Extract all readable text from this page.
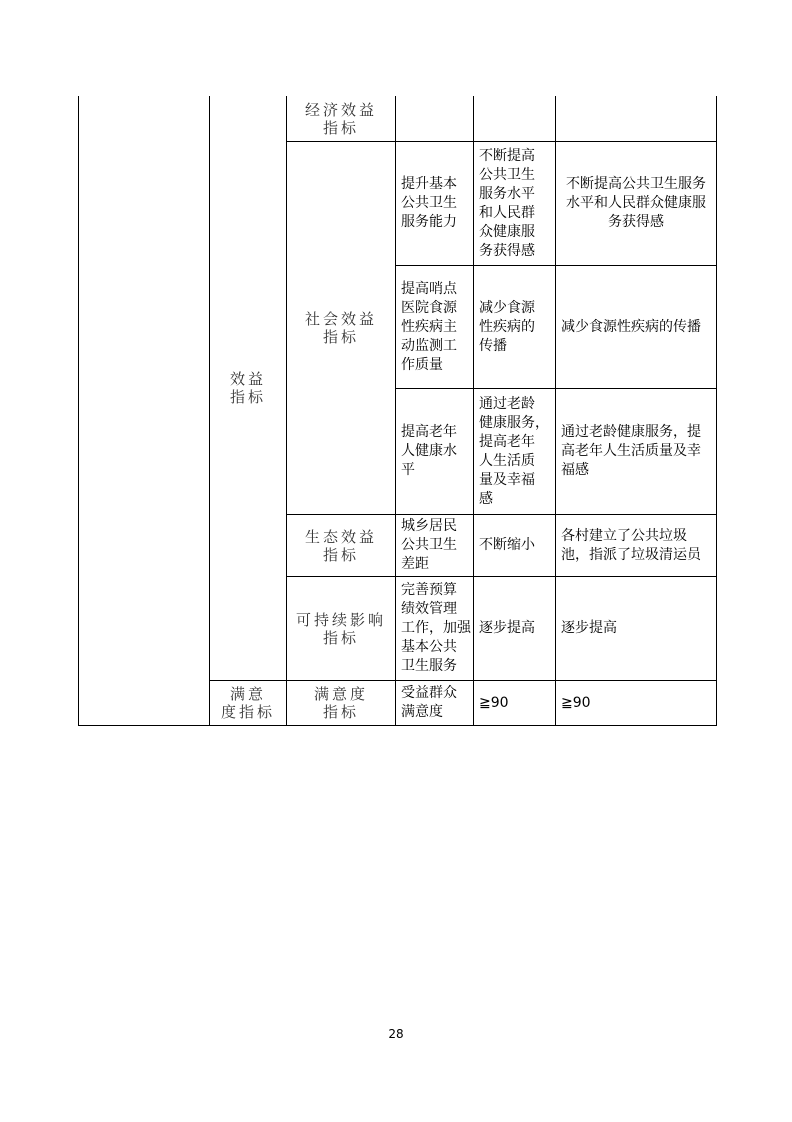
效益
指标
满意
度指标
经济效益
指标
社会效益
指标
生态效益
指标
可持续影响
指标
满意度
指标
提升基本
公共卫生
服务能力
不断提高
公共卫生
服务水平
和人民群
众健康服
务获得感
不断提高公共卫生服务
水平和人民群众健康服
务获得感
提高哨点
医院食源
性疾病主
动监测工
作质量
减少食源
性疾病的
传播
减少食源性疾病的传播
提高老年
人健康水
平
通过老龄
健康服务，
提高老年
人生活质
量及幸福
感
通过老龄健康服务，提
高老年人生活质量及幸
福感
城乡居民
公共卫生
差距
不断缩小
各村建立了公共垃圾
池，指派了垃圾清运员
完善预算
绩效管理
工作，加强
基本公共
卫生服务
逐步提高	逐步提高
受益群众
满意度
≧90	≧90
28
